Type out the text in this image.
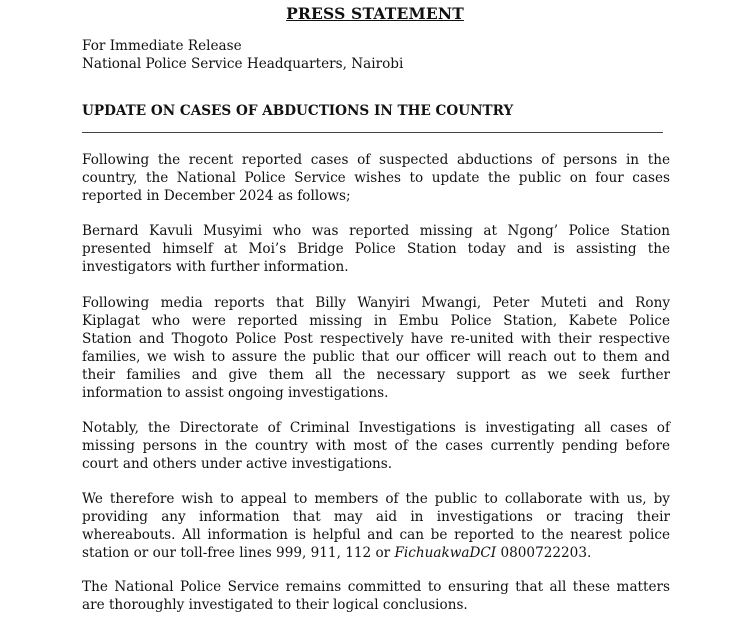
PRESS STATEMENT
For Immediate Release
National Police Service Headquarters, Nairobi
UPDATE ON CASES OF ABDUCTIONS IN THE COUNTRY

Following the recent reported cases of suspected abductions of persons in the
country, the National Police Service wishes to update the public on four cases
reported in December 2024 as follows;

Bernard Kavuli Musyimi who was reported missing at Ngong’ Police Station
presented himself at Moi’s Bridge Police Station today and is assisting the
investigators with further information.

Following media reports that Billy Wanyiri Mwangi, Peter Muteti and Rony
Kiplagat who were reported missing in Embu Police Station, Kabete Police
Station and Thogoto Police Post respectively have re-united with their respective
families, we wish to assure the public that our officer will reach out to them and
their families and give them all the necessary support as we seek further
information to assist ongoing investigations.

Notably, the Directorate of Criminal Investigations is investigating all cases of
missing persons in the country with most of the cases currently pending before
court and others under active investigations.

We therefore wish to appeal to members of the public to collaborate with us, by
providing any information that may aid in investigations or tracing their
whereabouts. All information is helpful and can be reported to the nearest police
station or our toll-free lines 999, 911, 112 or FichuakwaDCI 0800722203.

The National Police Service remains committed to ensuring that all these matters
are thoroughly investigated to their logical conclusions.
